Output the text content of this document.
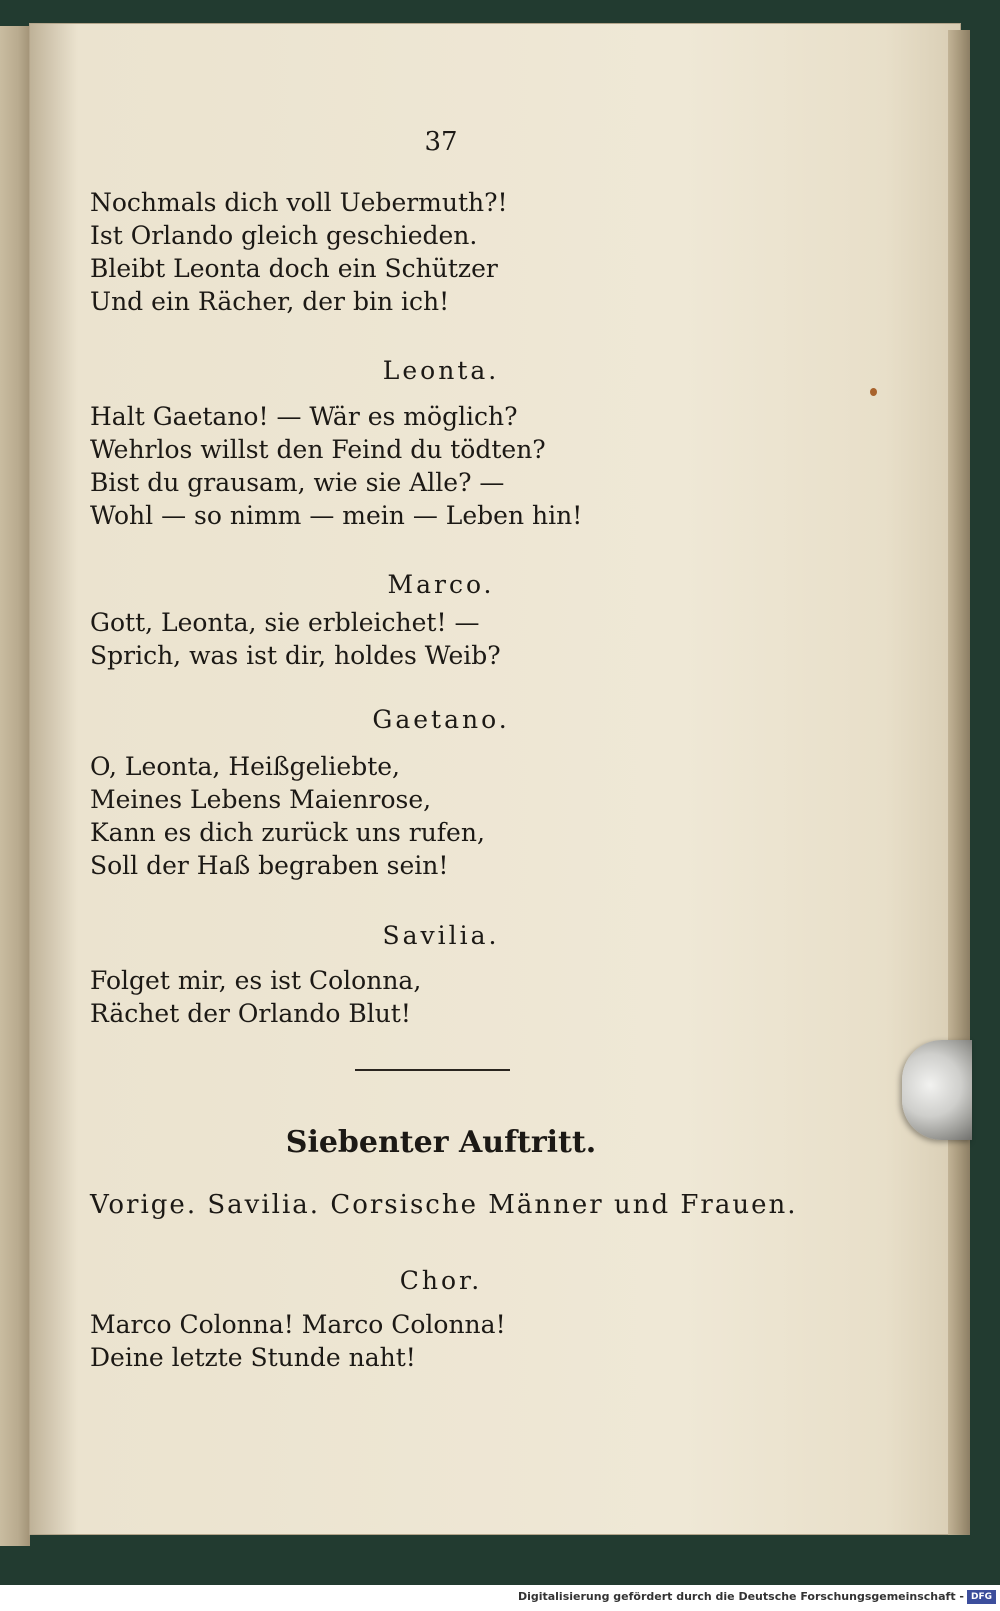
37
Nochmals dich voll Uebermuth?!
Ist Orlando gleich geschieden.
Bleibt Leonta doch ein Schützer
Und ein Rächer, der bin ich!
Leonta.
Halt Gaetano! — Wär es möglich?
Wehrlos willst den Feind du tödten?
Bist du grausam, wie sie Alle? —
Wohl — so nimm — mein — Leben hin!
Marco.
Gott, Leonta, sie erbleichet! —
Sprich, was ist dir, holdes Weib?
Gaetano.
O, Leonta, Heißgeliebte,
Meines Lebens Maienrose,
Kann es dich zurück uns rufen,
Soll der Haß begraben sein!
Savilia.
Folget mir, es ist Colonna,
Rächet der Orlando Blut!
Siebenter Auftritt.
Vorige. Savilia. Corsische Männer und Frauen.
Chor.
Marco Colonna! Marco Colonna!
Deine letzte Stunde naht!
Digitalisierung gefördert durch die Deutsche Forschungsgemeinschaft - DFG
